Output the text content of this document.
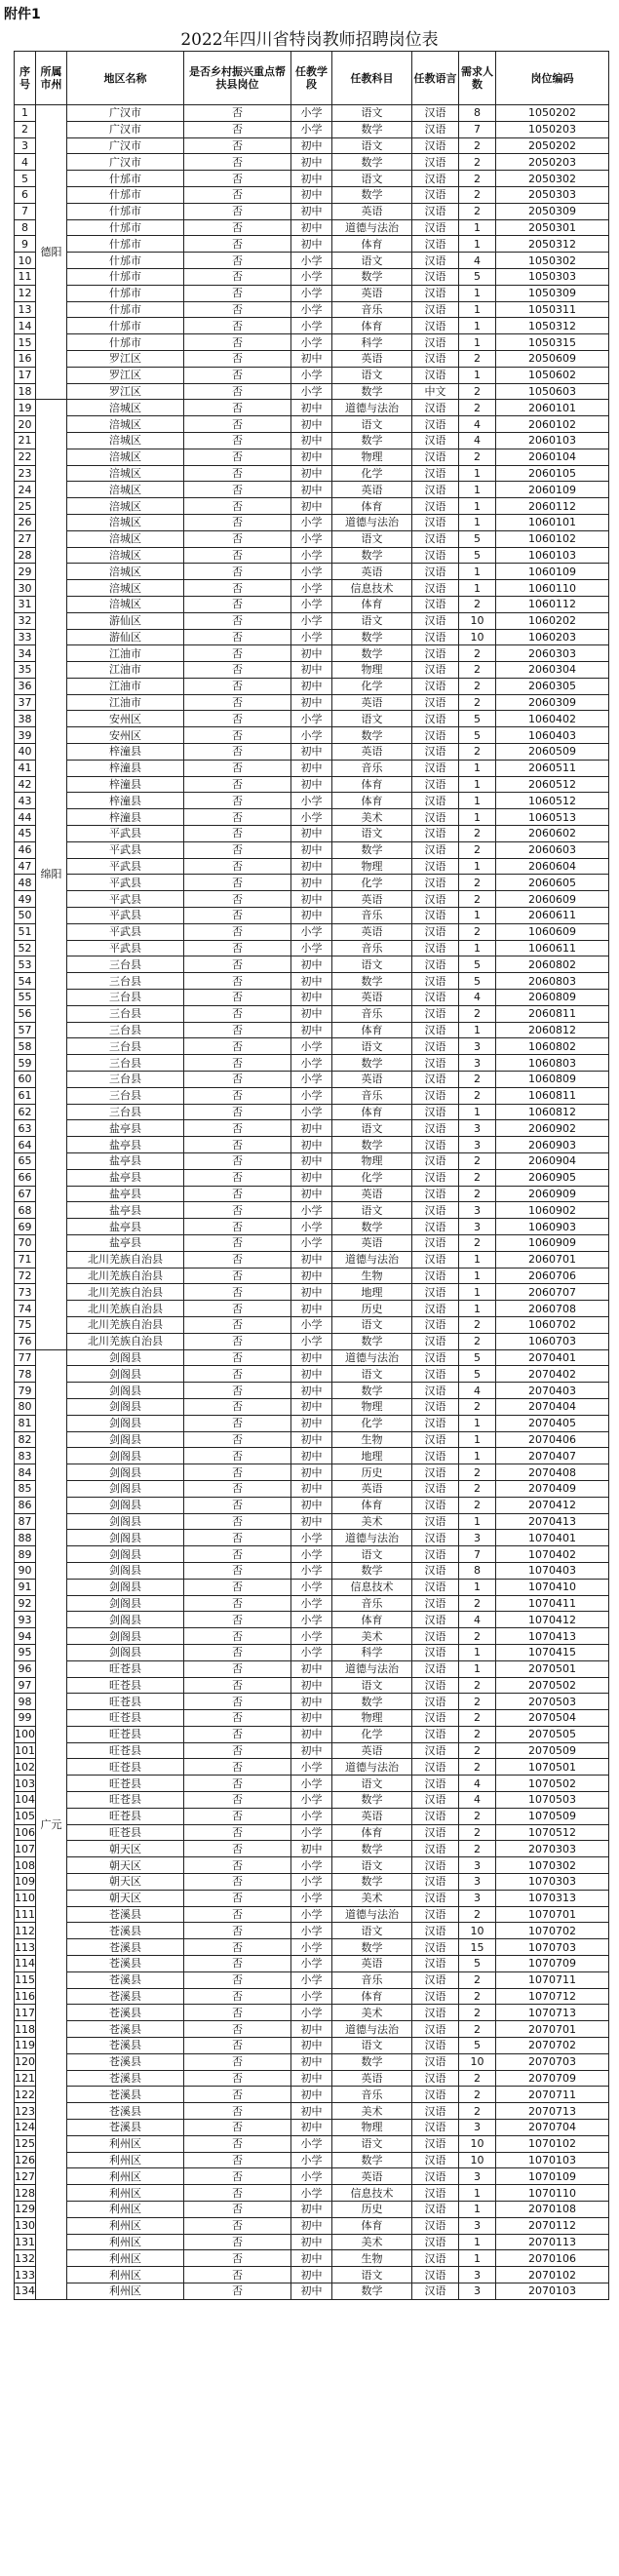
附件1
2022年四川省特岗教师招聘岗位表
序号	所属市州	地区名称	是否乡村振兴重点帮扶县岗位	任教学段	任教科目	任教语言	需求人数	岗位编码
1	德阳	广汉市	否	小学	语文	汉语	8	1050202
2		广汉市	否	小学	数学	汉语	7	1050203
3		广汉市	否	初中	语文	汉语	2	2050202
4		广汉市	否	初中	数学	汉语	2	2050203
5		什邡市	否	初中	语文	汉语	2	2050302
6		什邡市	否	初中	数学	汉语	2	2050303
7		什邡市	否	初中	英语	汉语	2	2050309
8		什邡市	否	初中	道德与法治	汉语	1	2050301
9		什邡市	否	初中	体育	汉语	1	2050312
10		什邡市	否	小学	语文	汉语	4	1050302
11		什邡市	否	小学	数学	汉语	5	1050303
12		什邡市	否	小学	英语	汉语	1	1050309
13		什邡市	否	小学	音乐	汉语	1	1050311
14		什邡市	否	小学	体育	汉语	1	1050312
15		什邡市	否	小学	科学	汉语	1	1050315
16		罗江区	否	初中	英语	汉语	2	2050609
17		罗江区	否	小学	语文	汉语	1	1050602
18		罗江区	否	小学	数学	中文	2	1050603
19	绵阳	涪城区	否	初中	道德与法治	汉语	2	2060101
20		涪城区	否	初中	语文	汉语	4	2060102
21		涪城区	否	初中	数学	汉语	4	2060103
22		涪城区	否	初中	物理	汉语	2	2060104
23		涪城区	否	初中	化学	汉语	1	2060105
24		涪城区	否	初中	英语	汉语	1	2060109
25		涪城区	否	初中	体育	汉语	1	2060112
26		涪城区	否	小学	道德与法治	汉语	1	1060101
27		涪城区	否	小学	语文	汉语	5	1060102
28		涪城区	否	小学	数学	汉语	5	1060103
29		涪城区	否	小学	英语	汉语	1	1060109
30		涪城区	否	小学	信息技术	汉语	1	1060110
31		涪城区	否	小学	体育	汉语	2	1060112
32		游仙区	否	小学	语文	汉语	10	1060202
33		游仙区	否	小学	数学	汉语	10	1060203
34		江油市	否	初中	数学	汉语	2	2060303
35		江油市	否	初中	物理	汉语	2	2060304
36		江油市	否	初中	化学	汉语	2	2060305
37		江油市	否	初中	英语	汉语	2	2060309
38		安州区	否	小学	语文	汉语	5	1060402
39		安州区	否	小学	数学	汉语	5	1060403
40		梓潼县	否	初中	英语	汉语	2	2060509
41		梓潼县	否	初中	音乐	汉语	1	2060511
42		梓潼县	否	初中	体育	汉语	1	2060512
43		梓潼县	否	小学	体育	汉语	1	1060512
44		梓潼县	否	小学	美术	汉语	1	1060513
45		平武县	否	初中	语文	汉语	2	2060602
46		平武县	否	初中	数学	汉语	2	2060603
47		平武县	否	初中	物理	汉语	1	2060604
48		平武县	否	初中	化学	汉语	2	2060605
49		平武县	否	初中	英语	汉语	2	2060609
50		平武县	否	初中	音乐	汉语	1	2060611
51		平武县	否	小学	英语	汉语	2	1060609
52		平武县	否	小学	音乐	汉语	1	1060611
53		三台县	否	初中	语文	汉语	5	2060802
54		三台县	否	初中	数学	汉语	5	2060803
55		三台县	否	初中	英语	汉语	4	2060809
56		三台县	否	初中	音乐	汉语	2	2060811
57		三台县	否	初中	体育	汉语	1	2060812
58		三台县	否	小学	语文	汉语	3	1060802
59		三台县	否	小学	数学	汉语	3	1060803
60		三台县	否	小学	英语	汉语	2	1060809
61		三台县	否	小学	音乐	汉语	2	1060811
62		三台县	否	小学	体育	汉语	1	1060812
63		盐亭县	否	初中	语文	汉语	3	2060902
64		盐亭县	否	初中	数学	汉语	3	2060903
65		盐亭县	否	初中	物理	汉语	2	2060904
66		盐亭县	否	初中	化学	汉语	2	2060905
67		盐亭县	否	初中	英语	汉语	2	2060909
68		盐亭县	否	小学	语文	汉语	3	1060902
69		盐亭县	否	小学	数学	汉语	3	1060903
70		盐亭县	否	小学	英语	汉语	2	1060909
71		北川羌族自治县	否	初中	道德与法治	汉语	1	2060701
72		北川羌族自治县	否	初中	生物	汉语	1	2060706
73		北川羌族自治县	否	初中	地理	汉语	1	2060707
74		北川羌族自治县	否	初中	历史	汉语	1	2060708
75		北川羌族自治县	否	小学	语文	汉语	2	1060702
76		北川羌族自治县	否	小学	数学	汉语	2	1060703
77	广元	剑阁县	否	初中	道德与法治	汉语	5	2070401
78		剑阁县	否	初中	语文	汉语	5	2070402
79		剑阁县	否	初中	数学	汉语	4	2070403
80		剑阁县	否	初中	物理	汉语	2	2070404
81		剑阁县	否	初中	化学	汉语	1	2070405
82		剑阁县	否	初中	生物	汉语	1	2070406
83		剑阁县	否	初中	地理	汉语	1	2070407
84		剑阁县	否	初中	历史	汉语	2	2070408
85		剑阁县	否	初中	英语	汉语	2	2070409
86		剑阁县	否	初中	体育	汉语	2	2070412
87		剑阁县	否	初中	美术	汉语	1	2070413
88		剑阁县	否	小学	道德与法治	汉语	3	1070401
89		剑阁县	否	小学	语文	汉语	7	1070402
90		剑阁县	否	小学	数学	汉语	8	1070403
91		剑阁县	否	小学	信息技术	汉语	1	1070410
92		剑阁县	否	小学	音乐	汉语	2	1070411
93		剑阁县	否	小学	体育	汉语	4	1070412
94		剑阁县	否	小学	美术	汉语	2	1070413
95		剑阁县	否	小学	科学	汉语	1	1070415
96		旺苍县	否	初中	道德与法治	汉语	1	2070501
97		旺苍县	否	初中	语文	汉语	2	2070502
98		旺苍县	否	初中	数学	汉语	2	2070503
99		旺苍县	否	初中	物理	汉语	2	2070504
100		旺苍县	否	初中	化学	汉语	2	2070505
101		旺苍县	否	初中	英语	汉语	2	2070509
102		旺苍县	否	小学	道德与法治	汉语	2	1070501
103		旺苍县	否	小学	语文	汉语	4	1070502
104		旺苍县	否	小学	数学	汉语	4	1070503
105		旺苍县	否	小学	英语	汉语	2	1070509
106		旺苍县	否	小学	体育	汉语	2	1070512
107		朝天区	否	初中	数学	汉语	2	2070303
108		朝天区	否	小学	语文	汉语	3	1070302
109		朝天区	否	小学	数学	汉语	3	1070303
110		朝天区	否	小学	美术	汉语	3	1070313
111		苍溪县	否	小学	道德与法治	汉语	2	1070701
112		苍溪县	否	小学	语文	汉语	10	1070702
113		苍溪县	否	小学	数学	汉语	15	1070703
114		苍溪县	否	小学	英语	汉语	5	1070709
115		苍溪县	否	小学	音乐	汉语	2	1070711
116		苍溪县	否	小学	体育	汉语	2	1070712
117		苍溪县	否	小学	美术	汉语	2	1070713
118		苍溪县	否	初中	道德与法治	汉语	2	2070701
119		苍溪县	否	初中	语文	汉语	5	2070702
120		苍溪县	否	初中	数学	汉语	10	2070703
121		苍溪县	否	初中	英语	汉语	2	2070709
122		苍溪县	否	初中	音乐	汉语	2	2070711
123		苍溪县	否	初中	美术	汉语	2	2070713
124		苍溪县	否	初中	物理	汉语	3	2070704
125		利州区	否	小学	语文	汉语	10	1070102
126		利州区	否	小学	数学	汉语	10	1070103
127		利州区	否	小学	英语	汉语	3	1070109
128		利州区	否	小学	信息技术	汉语	1	1070110
129		利州区	否	初中	历史	汉语	1	2070108
130		利州区	否	初中	体育	汉语	3	2070112
131		利州区	否	初中	美术	汉语	1	2070113
132		利州区	否	初中	生物	汉语	1	2070106
133		利州区	否	初中	语文	汉语	3	2070102
134		利州区	否	初中	数学	汉语	3	2070103
